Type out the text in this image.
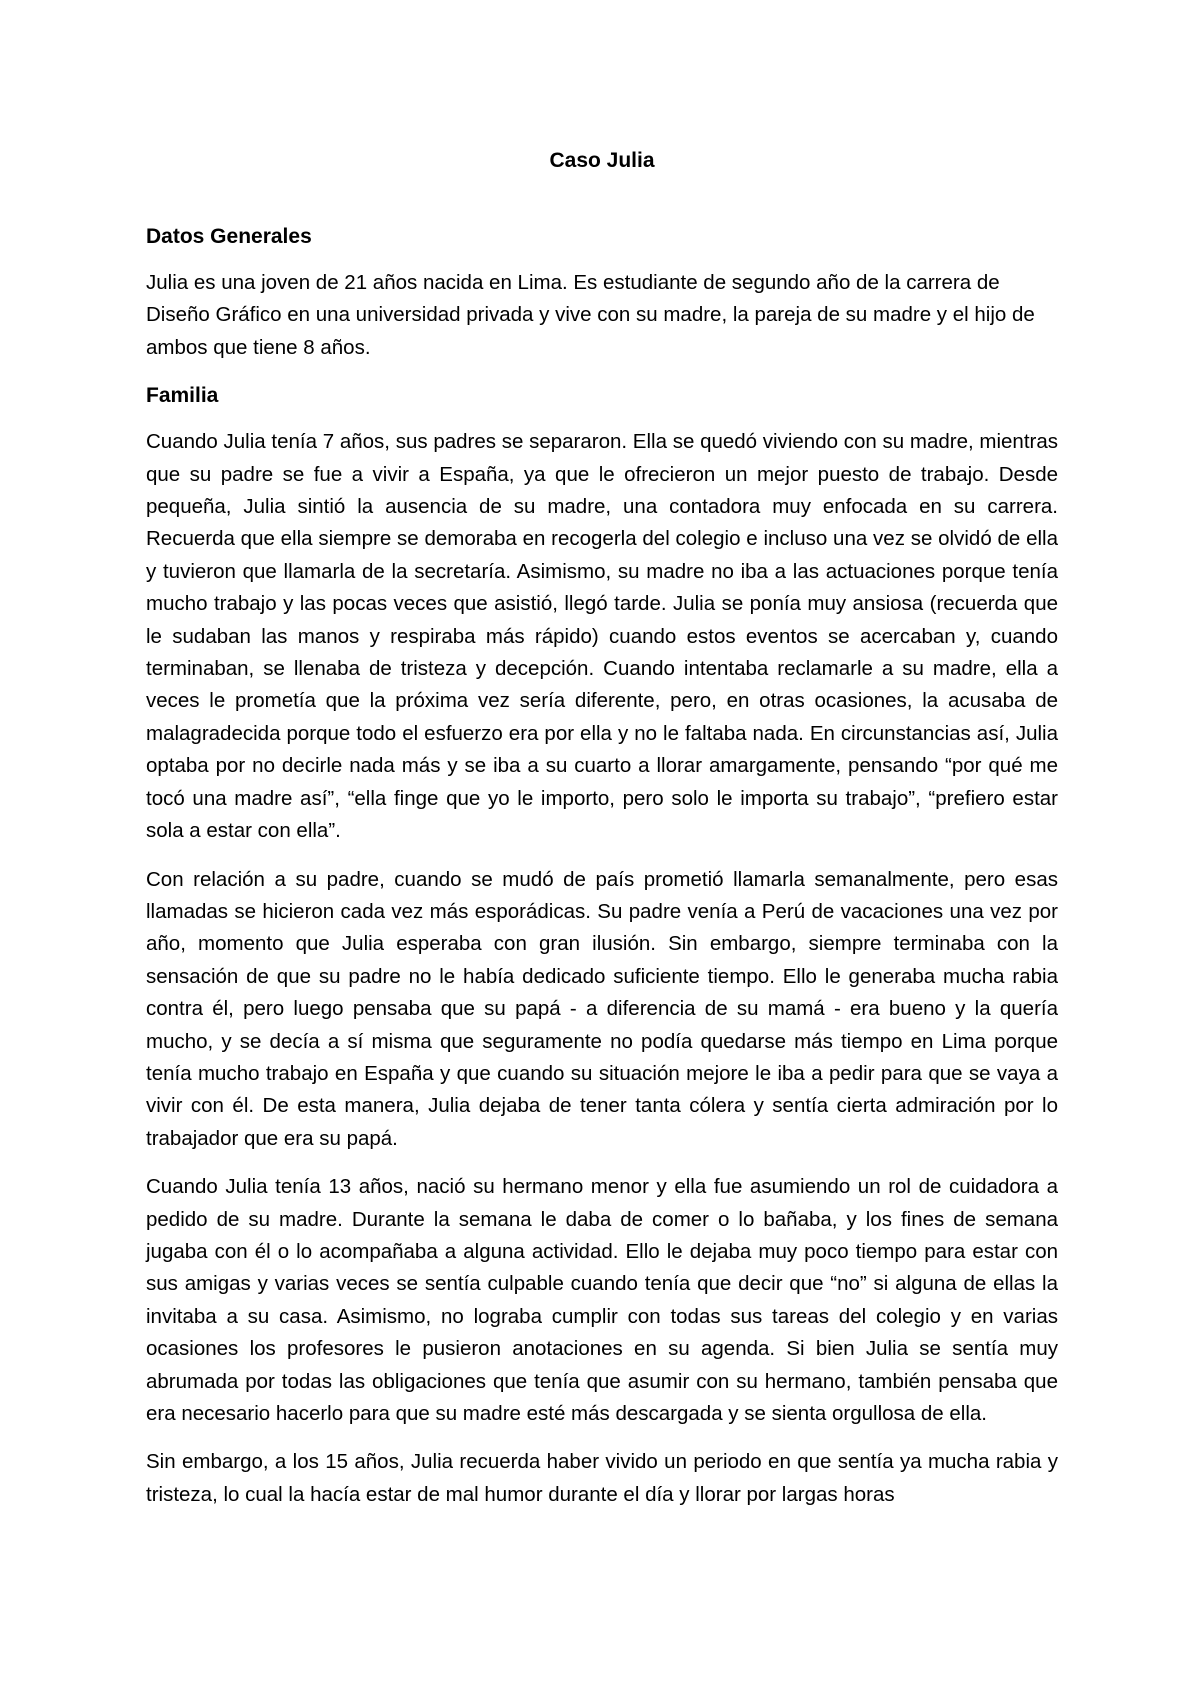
Caso Julia
Datos Generales

Julia es una joven de 21 años nacida en Lima. Es estudiante de segundo año de la carrera de Diseño Gráfico en una universidad privada y vive con su madre, la pareja de su madre y el hijo de ambos que tiene 8 años.

Familia

Cuando Julia tenía 7 años, sus padres se separaron. Ella se quedó viviendo con su madre, mientras que su padre se fue a vivir a España, ya que le ofrecieron un mejor puesto de trabajo. Desde pequeña, Julia sintió la ausencia de su madre, una contadora muy enfocada en su carrera. Recuerda que ella siempre se demoraba en recogerla del colegio e incluso una vez se olvidó de ella y tuvieron que llamarla de la secretaría. Asimismo, su madre no iba a las actuaciones porque tenía mucho trabajo y las pocas veces que asistió, llegó tarde. Julia se ponía muy ansiosa (recuerda que le sudaban las manos y respiraba más rápido) cuando estos eventos se acercaban y, cuando terminaban, se llenaba de tristeza y decepción. Cuando intentaba reclamarle a su madre, ella a veces le prometía que la próxima vez sería diferente, pero, en otras ocasiones, la acusaba de malagradecida porque todo el esfuerzo era por ella y no le faltaba nada. En circunstancias así, Julia optaba por no decirle nada más y se iba a su cuarto a llorar amargamente, pensando “por qué me tocó una madre así”, “ella finge que yo le importo, pero solo le importa su trabajo”, “prefiero estar sola a estar con ella”.

Con relación a su padre, cuando se mudó de país prometió llamarla semanalmente, pero esas llamadas se hicieron cada vez más esporádicas. Su padre venía a Perú de vacaciones una vez por año, momento que Julia esperaba con gran ilusión. Sin embargo, siempre terminaba con la sensación de que su padre no le había dedicado suficiente tiempo. Ello le generaba mucha rabia contra él, pero luego pensaba que su papá - a diferencia de su mamá - era bueno y la quería mucho, y se decía a sí misma que seguramente no podía quedarse más tiempo en Lima porque tenía mucho trabajo en España y que cuando su situación mejore le iba a pedir para que se vaya a vivir con él. De esta manera, Julia dejaba de tener tanta cólera y sentía cierta admiración por lo trabajador que era su papá.

Cuando Julia tenía 13 años, nació su hermano menor y ella fue asumiendo un rol de cuidadora a pedido de su madre. Durante la semana le daba de comer o lo bañaba, y los fines de semana jugaba con él o lo acompañaba a alguna actividad. Ello le dejaba muy poco tiempo para estar con sus amigas y varias veces se sentía culpable cuando tenía que decir que “no” si alguna de ellas la invitaba a su casa. Asimismo, no lograba cumplir con todas sus tareas del colegio y en varias ocasiones los profesores le pusieron anotaciones en su agenda. Si bien Julia se sentía muy abrumada por todas las obligaciones que tenía que asumir con su hermano, también pensaba que era necesario hacerlo para que su madre esté más descargada y se sienta orgullosa de ella.

Sin embargo, a los 15 años, Julia recuerda haber vivido un periodo en que sentía ya mucha rabia y tristeza, lo cual la hacía estar de mal humor durante el día y llorar por largas horas
